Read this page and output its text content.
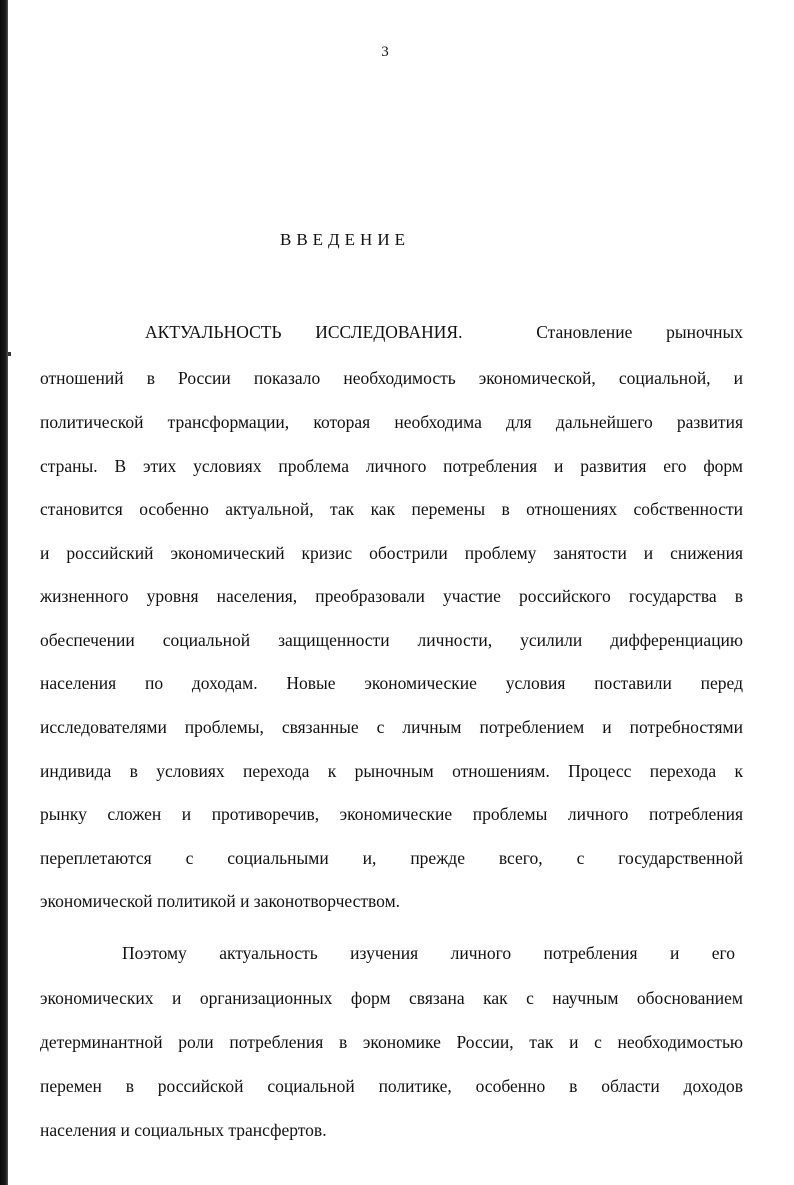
3
ВВЕДЕНИЕ
АКТУАЛЬНОСТЬ ИССЛЕДОВАНИЯ.	Становление рыночных
отношений в России показало необходимость экономической, социальной, и
политической трансформации, которая необходима для дальнейшего развития
страны. В этих условиях проблема личного потребления и развития его форм
становится особенно актуальной, так как перемены в отношениях собственности
и российский экономический кризис обострили проблему занятости и снижения
жизненного уровня населения, преобразовали участие российского государства в
обеспечении социальной защищенности личности, усилили дифференциацию
населения по доходам. Новые экономические условия поставили перед
исследователями проблемы, связанные с личным потреблением и потребностями
индивида в условиях перехода к рыночным отношениям. Процесс перехода к
рынку сложен и противоречив, экономические проблемы личного потребления
переплетаются с социальными и, прежде всего, с государственной
экономической политикой и законотворчеством.
Поэтому актуальность изучения личного потребления и его
экономических и организационных форм связана как с научным обоснованием
детерминантной роли потребления в экономике России, так и с необходимостью
перемен в российской социальной политике, особенно в области доходов
населения и социальных трансфертов.
